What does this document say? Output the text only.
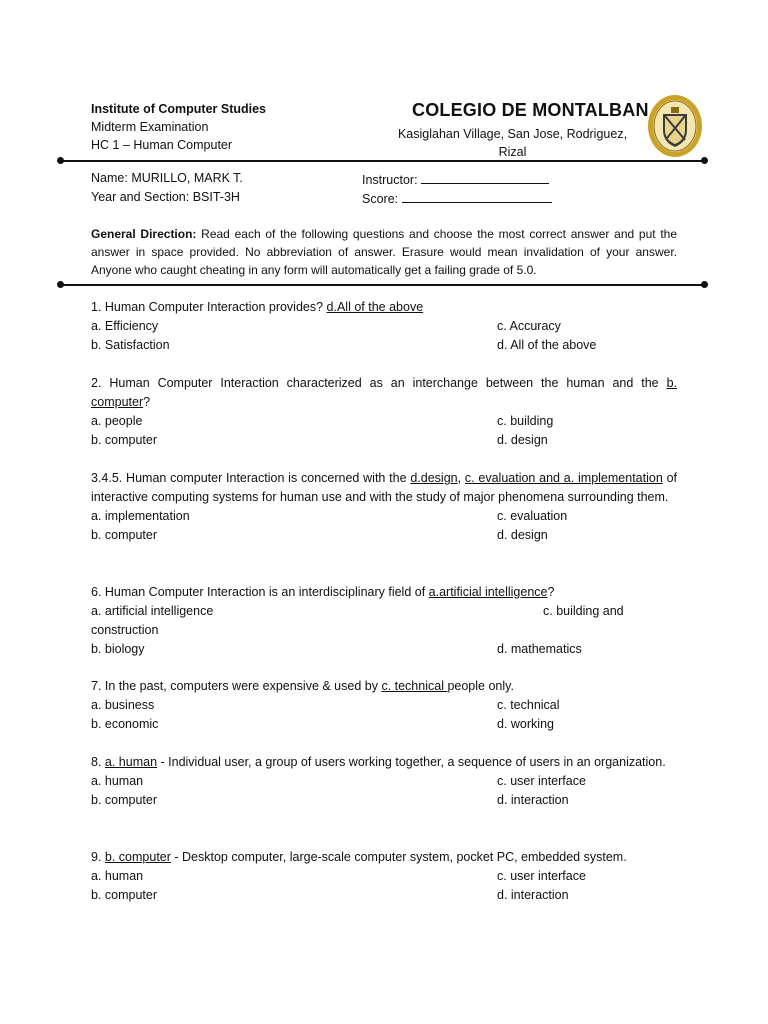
Institute of Computer Studies
Midterm Examination
HC 1 – Human Computer
COLEGIO DE MONTALBAN
Kasiglahan Village, San Jose, Rodriguez, Rizal
Name: MURILLO, MARK T.
Year and Section: BSIT-3H
Instructor:
Score:
General Direction: Read each of the following questions and choose the most correct answer and put the answer in space provided. No abbreviation of answer. Erasure would mean invalidation of your answer. Anyone who caught cheating in any form will automatically get a failing grade of 5.0.
1. Human Computer Interaction provides? d.All of the above
a. Efficiency	c. Accuracy
b. Satisfaction	d. All of the above
2. Human Computer Interaction characterized as an interchange between the human and the b. computer?
a. people	c. building
b. computer	d. design
3.4.5. Human computer Interaction is concerned with the d.design, c. evaluation and a. implementation of interactive computing systems for human use and with the study of major phenomena surrounding them.
a. implementation	c. evaluation
b. computer	d. design
6. Human Computer Interaction is an interdisciplinary field of a.artificial intelligence?
a. artificial intelligence	c. building and
construction
b. biology	d. mathematics
7. In the past, computers were expensive & used by c. technical people only.
a. business	c. technical
b. economic	d. working
8. a. human - Individual user, a group of users working together, a sequence of users in an organization.
a. human	c. user interface
b. computer	d. interaction
9. b. computer - Desktop computer, large-scale computer system, pocket PC, embedded system.
a. human	c. user interface
b. computer	d. interaction
